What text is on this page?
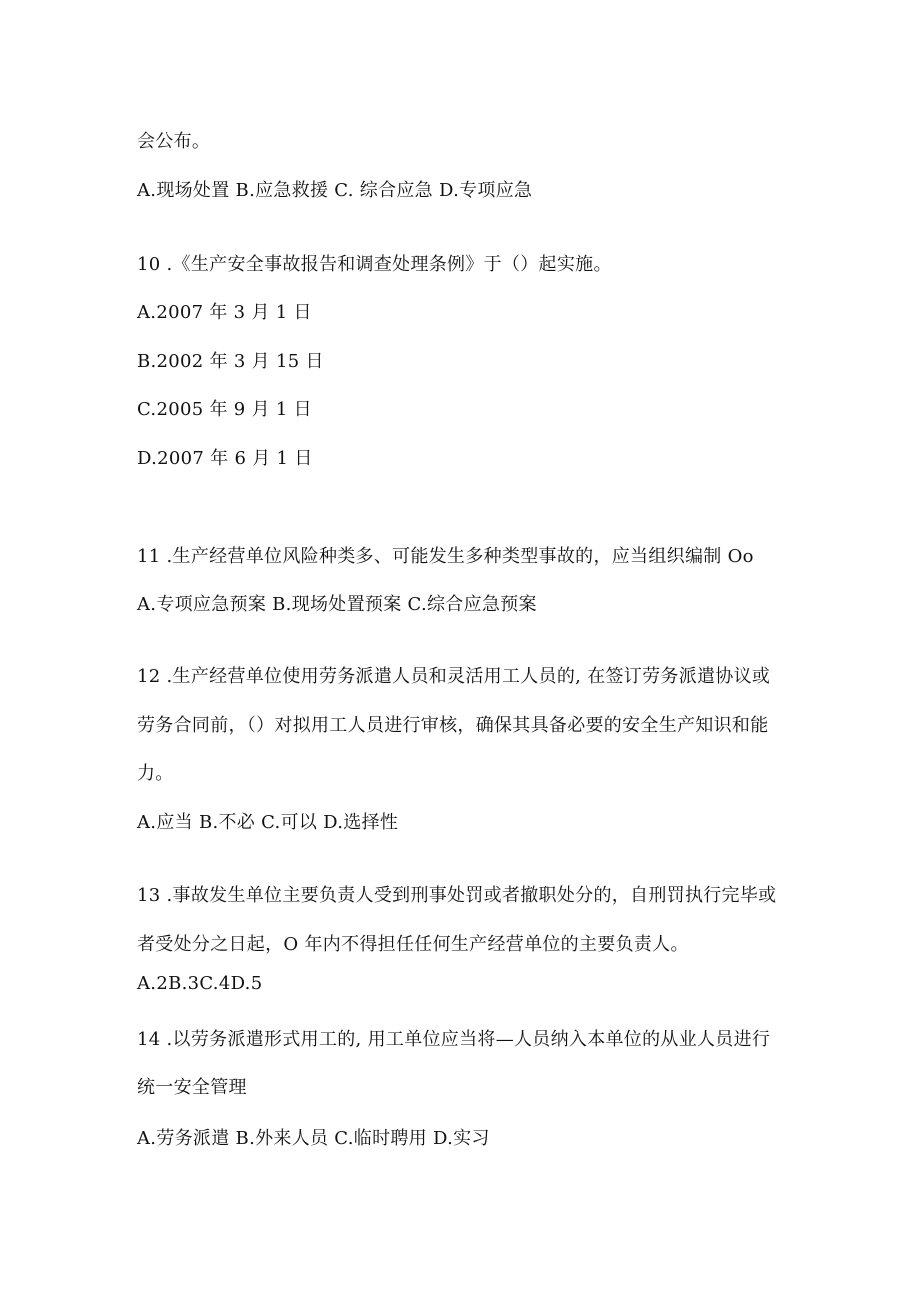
会公布。
A.现场处置 B.应急救援 C. 综合应急 D.专项应急
10 .《生产安全事故报告和调查处理条例》于（）起实施。
A.2007 年 3 月 1 日
B.2002 年 3 月 15 日
C.2005 年 9 月 1 日
D.2007 年 6 月 1 日
11 .生产经营单位风险种类多、可能发生多种类型事故的，应当组织编制 Oo
A.专项应急预案 B.现场处置预案 C.综合应急预案
12 .生产经营单位使用劳务派遣人员和灵活用工人员的, 在签订劳务派遣协议或
劳务合同前，（）对拟用工人员进行审核，确保其具备必要的安全生产知识和能
力。
A.应当 B.不必 C.可以 D.选择性
13 .事故发生单位主要负责人受到刑事处罚或者撤职处分的，自刑罚执行完毕或
者受处分之日起，O 年内不得担任任何生产经营单位的主要负责人。
A.2B.3C.4D.5
14 .以劳务派遣形式用工的, 用工单位应当将—人员纳入本单位的从业人员进行
统一安全管理
A.劳务派遣 B.外来人员 C.临时聘用 D.实习
